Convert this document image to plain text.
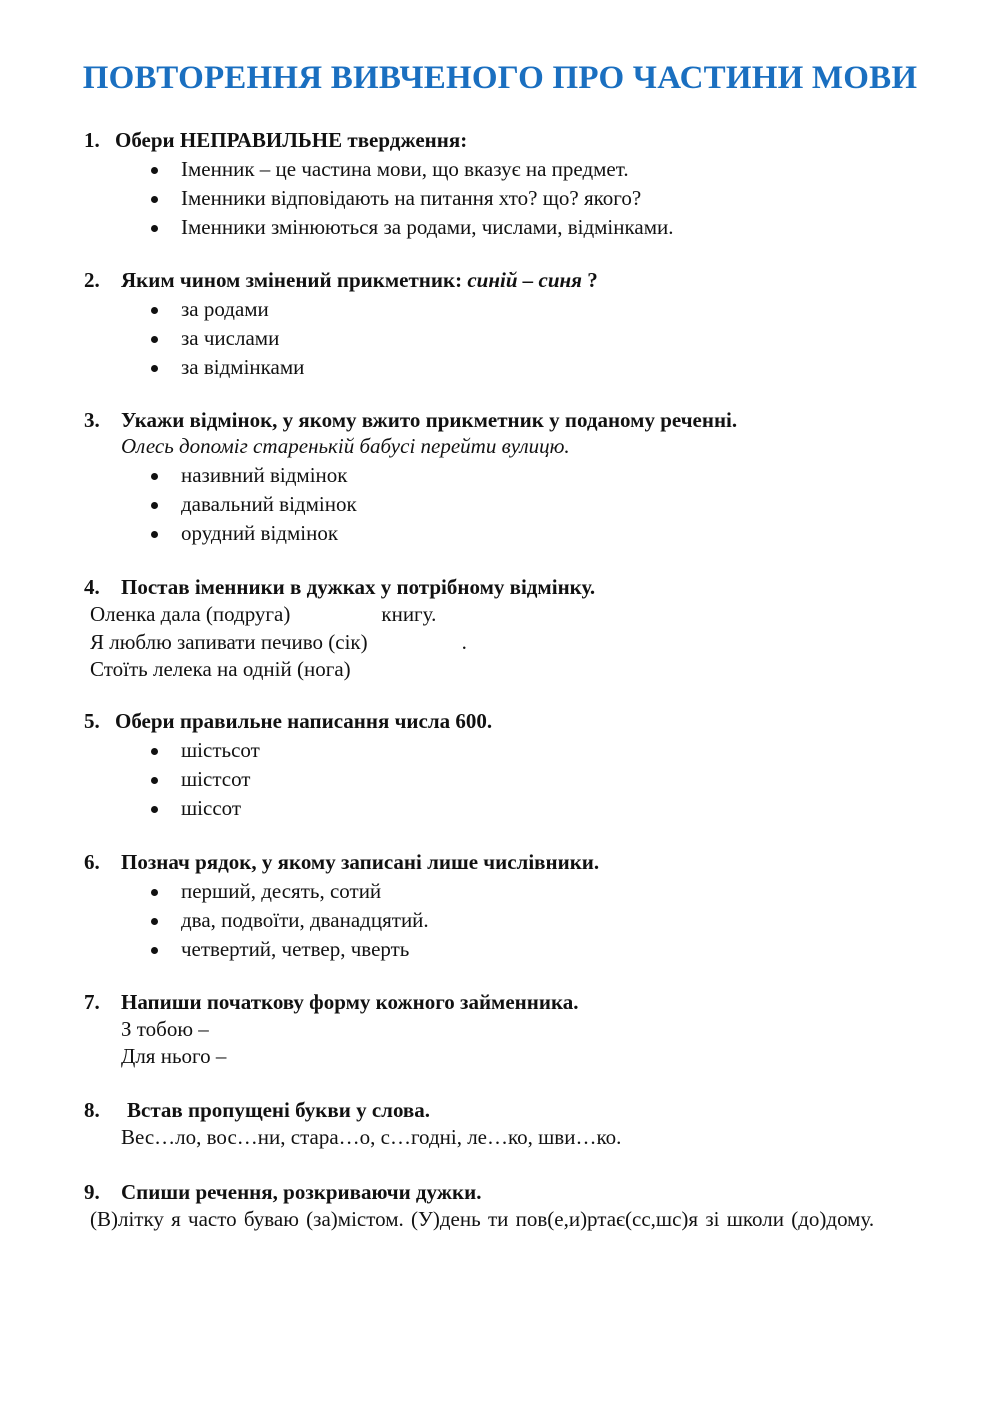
ПОВТОРЕННЯ ВИВЧЕНОГО ПРО ЧАСТИНИ МОВИ
1. Обери НЕПРАВИЛЬНЕ твердження:
Іменник – це частина мови, що вказує на предмет.
Іменники відповідають на питання хто? що? якого?
Іменники змінюються за родами, числами, відмінками.
2. Яким чином змінений прикметник: синій – синя ?
за родами
за числами
за відмінками
3. Укажи відмінок, у якому вжито прикметник у поданому реченні.
Олесь допоміг старенькій бабусі перейти вулицю.
називний відмінок
давальний відмінок
орудний відмінок
4. Постав іменники в дужках у потрібному відмінку.
Оленка дала (подруга)	книгу.
Я люблю запивати печиво (сік)	.
Стоїть лелека на одній (нога)
5. Обери правильне написання числа 600.
шістьсот
шістсот
шіссот
6. Познач рядок, у якому записані лише числівники.
перший, десять, сотий
два, подвоїти, дванадцятий.
четвертий, четвер, чверть
7. Напиши початкову форму кожного займенника.
З тобою –
Для нього –
8. Встав пропущені букви у слова.
Вес…ло, вос…ни, стара…о, с…годні, ле…ко, шви…ко.
9. Спиши речення, розкриваючи дужки.
(В)літку я часто буваю (за)містом. (У)день ти пов(е,и)ртає(сс,шс)я зі школи (до)дому.
